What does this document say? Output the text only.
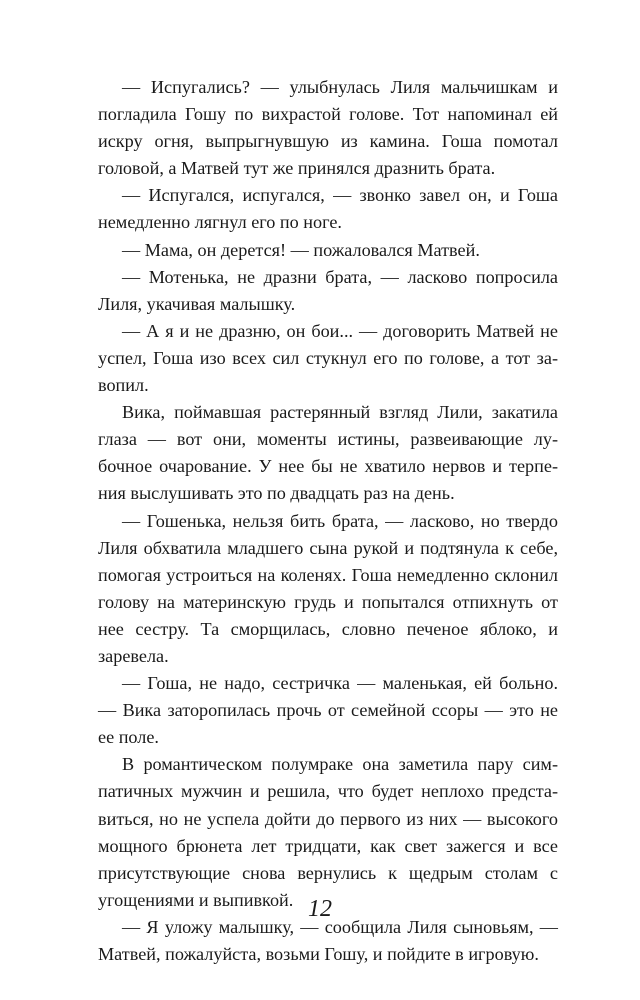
— Испугались? — улыбнулась Лиля мальчишкам и погладила Гошу по вихрастой голове. Тот напоминал ей искру огня, выпрыгнувшую из камина. Гоша помотал головой, а Матвей тут же принялся дразнить брата.

— Испугался, испугался, — звонко завел он, и Гоша немедленно лягнул его по ноге.

— Мама, он дерется! — пожаловался Матвей.

— Мотенька, не дразни брата, — ласково попросила Лиля, укачивая малышку.

— А я и не дразню, он бои... — договорить Матвей не успел, Гоша изо всех сил стукнул его по голове, а тот завопил.

Вика, поймавшая растерянный взгляд Лили, закатила глаза — вот они, моменты истины, развеивающие лубочное очарование. У нее бы не хватило нервов и терпения выслушивать это по двадцать раз на день.

— Гошенька, нельзя бить брата, — ласково, но твердо Лиля обхватила младшего сына рукой и подтянула к себе, помогая устроиться на коленях. Гоша немедленно склонил голову на материнскую грудь и попытался отпихнуть от нее сестру. Та сморщилась, словно печеное яблоко, и заревела.

— Гоша, не надо, сестричка — маленькая, ей больно. — Вика заторопилась прочь от семейной ссоры — это не ее поле.

В романтическом полумраке она заметила пару симпатичных мужчин и решила, что будет неплохо представиться, но не успела дойти до первого из них — высокого мощного брюнета лет тридцати, как свет зажегся и все присутствующие снова вернулись к щедрым столам с угощениями и выпивкой.

— Я уложу малышку, — сообщила Лиля сыновьям, — Матвей, пожалуйста, возьми Гошу, и пойдите в игровую.

12
